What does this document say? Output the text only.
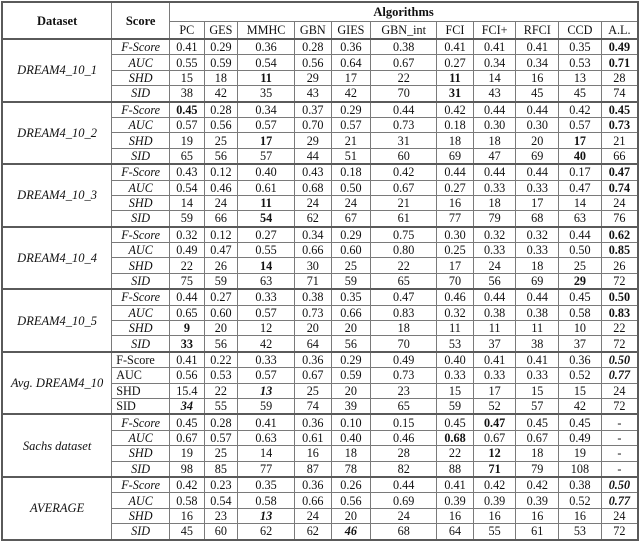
Dataset	Score	Algorithms										
		PC	GES	MMHC	GBN	GIES	GBN_int	FCI	FCI+	RFCI	CCD	A.L.
DREAM4_10_1	F-Score	0.41	0.29	0.36	0.28	0.36	0.38	0.41	0.41	0.41	0.35	0.49
	AUC	0.55	0.59	0.54	0.56	0.64	0.67	0.27	0.34	0.34	0.53	0.71
	SHD	15	18	11	29	17	22	11	14	16	13	28
	SID	38	42	35	43	42	70	31	43	45	45	74
DREAM4_10_2	F-Score	0.45	0.28	0.34	0.37	0.29	0.44	0.42	0.44	0.44	0.42	0.45
	AUC	0.57	0.56	0.57	0.70	0.57	0.73	0.18	0.30	0.30	0.57	0.73
	SHD	19	25	17	29	21	31	18	18	20	17	21
	SID	65	56	57	44	51	60	69	47	69	40	66
DREAM4_10_3	F-Score	0.43	0.12	0.40	0.43	0.18	0.42	0.44	0.44	0.44	0.17	0.47
	AUC	0.54	0.46	0.61	0.68	0.50	0.67	0.27	0.33	0.33	0.47	0.74
	SHD	14	24	11	24	24	21	16	18	17	14	24
	SID	59	66	54	62	67	61	77	79	68	63	76
DREAM4_10_4	F-Score	0.32	0.12	0.27	0.34	0.29	0.75	0.30	0.32	0.32	0.44	0.62
	AUC	0.49	0.47	0.55	0.66	0.60	0.80	0.25	0.33	0.33	0.50	0.85
	SHD	22	26	14	30	25	22	17	24	18	25	26
	SID	75	59	63	71	59	65	70	56	69	29	72
DREAM4_10_5	F-Score	0.44	0.27	0.33	0.38	0.35	0.47	0.46	0.44	0.44	0.45	0.50
	AUC	0.65	0.60	0.57	0.73	0.66	0.83	0.32	0.38	0.38	0.58	0.83
	SHD	9	20	12	20	20	18	11	11	11	10	22
	SID	33	56	42	64	56	70	53	37	38	37	72
Avg. DREAM4_10	F-Score	0.41	0.22	0.33	0.36	0.29	0.49	0.40	0.41	0.41	0.36	0.50
	AUC	0.56	0.53	0.57	0.67	0.59	0.73	0.33	0.33	0.33	0.52	0.77
	SHD	15.4	22	13	25	20	23	15	17	15	15	24
	SID	34	55	59	74	39	65	59	52	57	42	72
Sachs dataset	F-Score	0.45	0.28	0.41	0.36	0.10	0.15	0.45	0.47	0.45	0.45	-
	AUC	0.67	0.57	0.63	0.61	0.40	0.46	0.68	0.67	0.67	0.49	-
	SHD	19	25	14	16	18	28	22	12	18	19	-
	SID	98	85	77	87	78	82	88	71	79	108	-
AVERAGE	F-Score	0.42	0.23	0.35	0.36	0.26	0.44	0.41	0.42	0.42	0.38	0.50
	AUC	0.58	0.54	0.58	0.66	0.56	0.69	0.39	0.39	0.39	0.52	0.77
	SHD	16	23	13	24	20	24	16	16	16	16	24
	SID	45	60	62	62	46	68	64	55	61	53	72
